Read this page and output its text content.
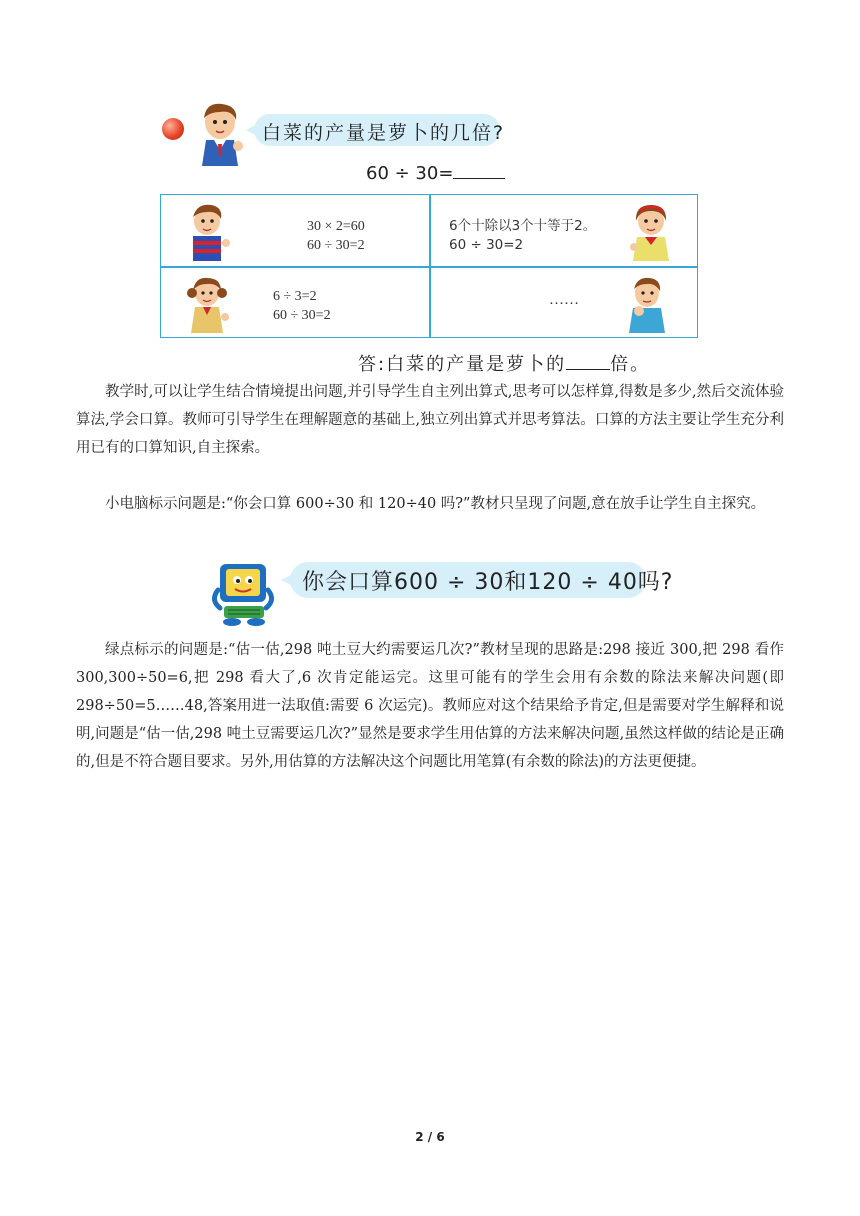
白菜的产量是萝卜的几倍?
60 ÷ 30=
30 × 2=60
60 ÷ 30=2
6个十除以3个十等于2。
60 ÷ 30=2
6 ÷ 3=2
60 ÷ 30=2
……
答:白菜的产量是萝卜的 倍。

教学时,可以让学生结合情境提出问题,并引导学生自主列出算式,思考可以怎样算,得数是多少,然后交流体验算法,学会口算。教师可引导学生在理解题意的基础上,独立列出算式并思考算法。口算的方法主要让学生充分利用已有的口算知识,自主探索。

小电脑标示问题是:“你会口算 600÷30 和 120÷40 吗?”教材只呈现了问题,意在放手让学生自主探究。

你会口算600 ÷ 30和120 ÷ 40吗?

绿点标示的问题是:“估一估,298 吨土豆大约需要运几次?”教材呈现的思路是:298 接近 300,把 298 看作 300,300÷50=6,把 298 看大了,6 次肯定能运完。这里可能有的学生会用有余数的除法来解决问题(即 298÷50=5……48,答案用进一法取值:需要 6 次运完)。教师应对这个结果给予肯定,但是需要对学生解释和说明,问题是“估一估,298 吨土豆需要运几次?”显然是要求学生用估算的方法来解决问题,虽然这样做的结论是正确的,但是不符合题目要求。另外,用估算的方法解决这个问题比用笔算(有余数的除法)的方法更便捷。

2 / 6
